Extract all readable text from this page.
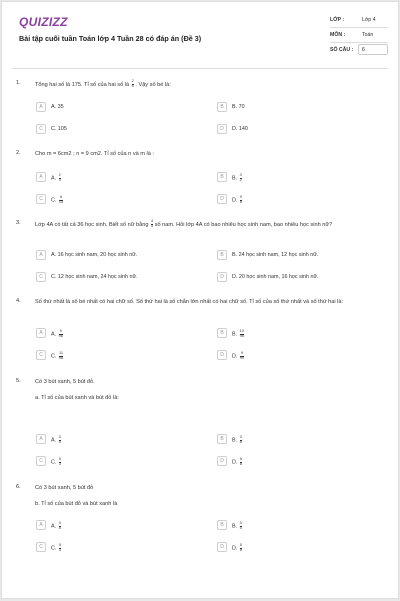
QUIZIZZ
Bài tập cuối tuần Toán lớp 4 Tuần 28 có đáp án (Đề 3)
LỚP :	Lớp 4
MÔN :	Toán
SỐ CÂU : 6
1.	Tổng hai số là 175. Tỉ số của hai số là $\frac{2}{5}$ . Vậy số bé là:
A	A. 35	B	B. 70
C	C. 105	D	D. 140
2.	Cho m = 6cm2 ; n = 9 cm2. Tỉ số của n và m là :
A	A. $\frac{2}{3}$	B	B. $\frac{3}{2}$
C	C. $\frac{6}{15}$	D	D. $\frac{9}{6}$
3.	Lớp 4A có tất cả 36 học sinh. Biết số nữ bằng $\frac{4}{5}$ số nam. Hỏi lớp 4A có bao nhiêu học sinh nam, bao nhiêu học sinh nữ?
A	A. 16 học sinh nam, 20 học sinh nữ.	B	B. 24 học sinh nam, 12 học sinh nữ.
C	C. 12 học sinh nam, 24 học sinh nữ.	D	D. 20 học sinh nam, 16 học sinh nữ.
4.	Số thứ nhất là số bé nhất có hai chữ số. Số thứ hai là số chẵn lớn nhất có hai chữ số. Tỉ số của số thứ nhất và số thứ hai là:
A	A. $\frac{9}{98}$	B	B. $\frac{10}{98}$
C	C. $\frac{11}{98}$	D	D. $\frac{9}{99}$
5.	Có 3 bút xanh, 5 bút đỏ.
a. Tỉ số của bút xanh và bút đỏ là:
A	A. $\frac{3}{5}$	B	B. $\frac{3}{8}$
C	C. $\frac{5}{3}$	D	D. $\frac{5}{8}$
6.	Có 3 bút xanh, 5 bút đỏ
b. Tỉ số của bút đỏ và bút xanh là
A	A. $\frac{3}{8}$	B	B. $\frac{3}{5}$
C	C. $\frac{5}{3}$	D	D. $\frac{5}{8}$
